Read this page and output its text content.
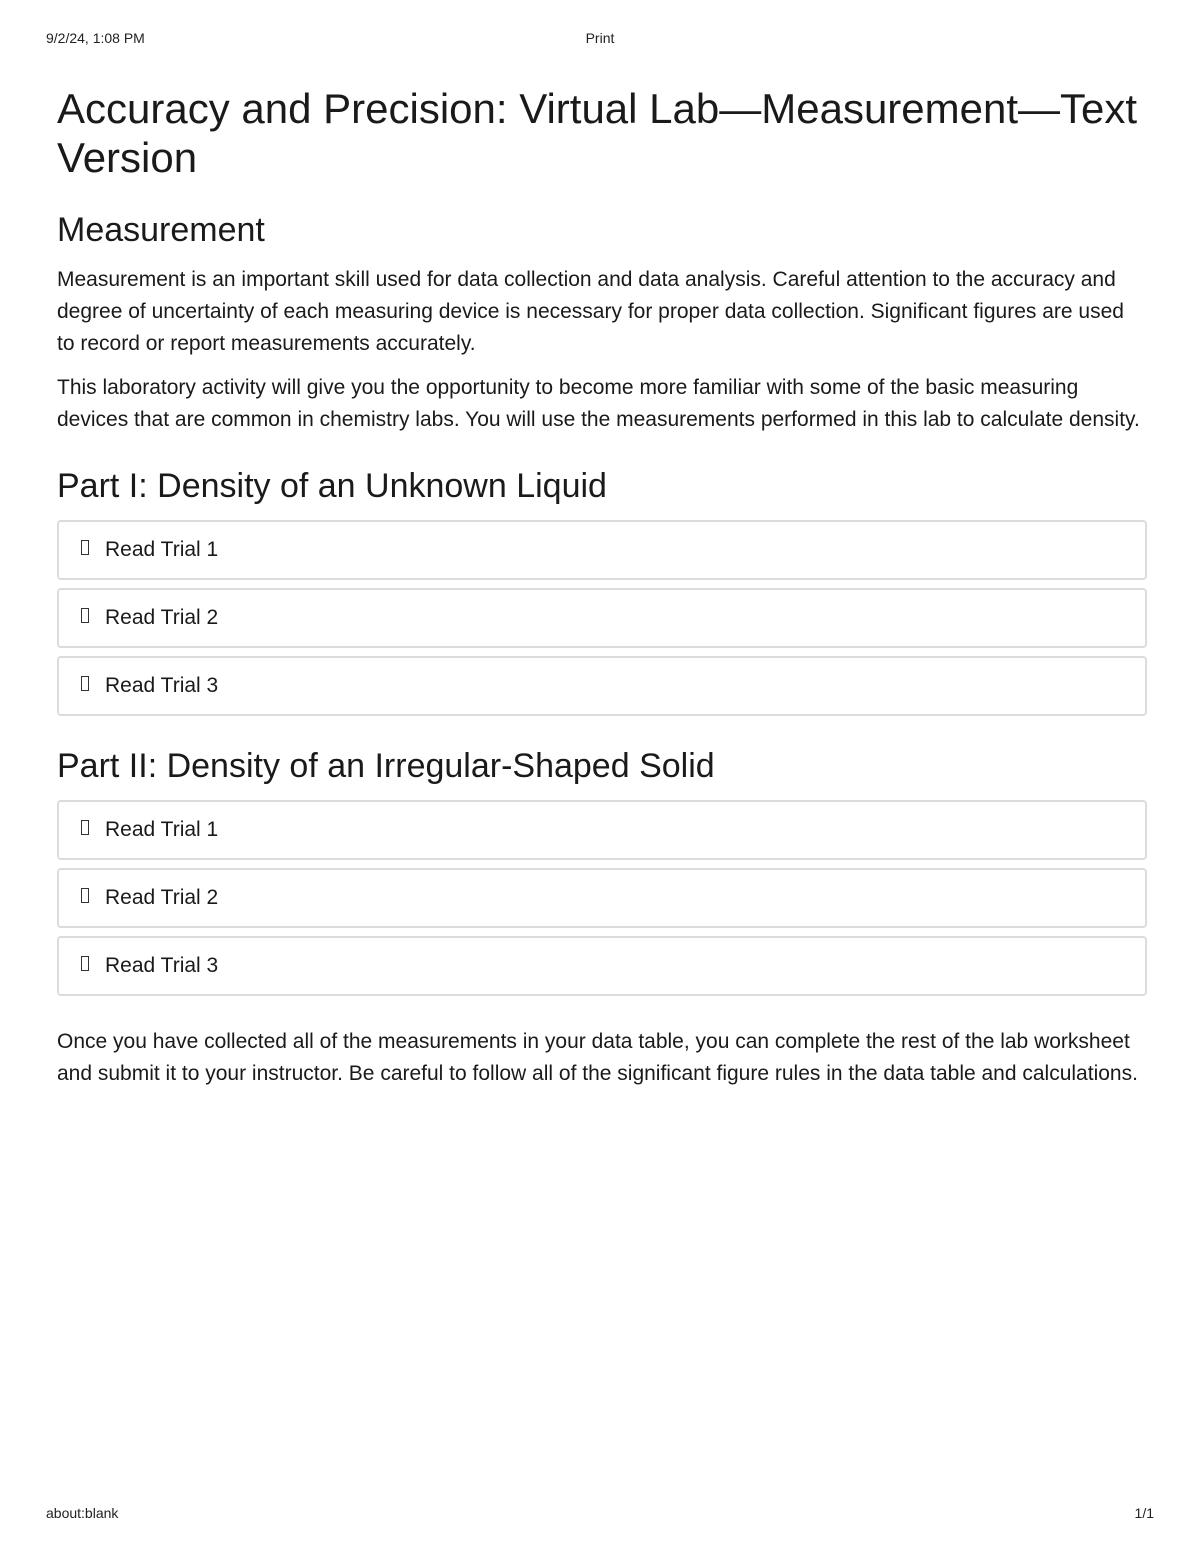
9/2/24, 1:08 PM	Print
Accuracy and Precision: Virtual Lab—Measurement—Text Version
Measurement

Measurement is an important skill used for data collection and data analysis. Careful attention to the accuracy and degree of uncertainty of each measuring device is necessary for proper data collection. Significant figures are used to record or report measurements accurately.

This laboratory activity will give you the opportunity to become more familiar with some of the basic measuring devices that are common in chemistry labs. You will use the measurements performed in this lab to calculate density.

Part I: Density of an Unknown Liquid
Read Trial 1
Read Trial 2
Read Trial 3
Part II: Density of an Irregular-Shaped Solid
Read Trial 1
Read Trial 2
Read Trial 3

Once you have collected all of the measurements in your data table, you can complete the rest of the lab worksheet and submit it to your instructor. Be careful to follow all of the significant figure rules in the data table and calculations.

about:blank	1/1
